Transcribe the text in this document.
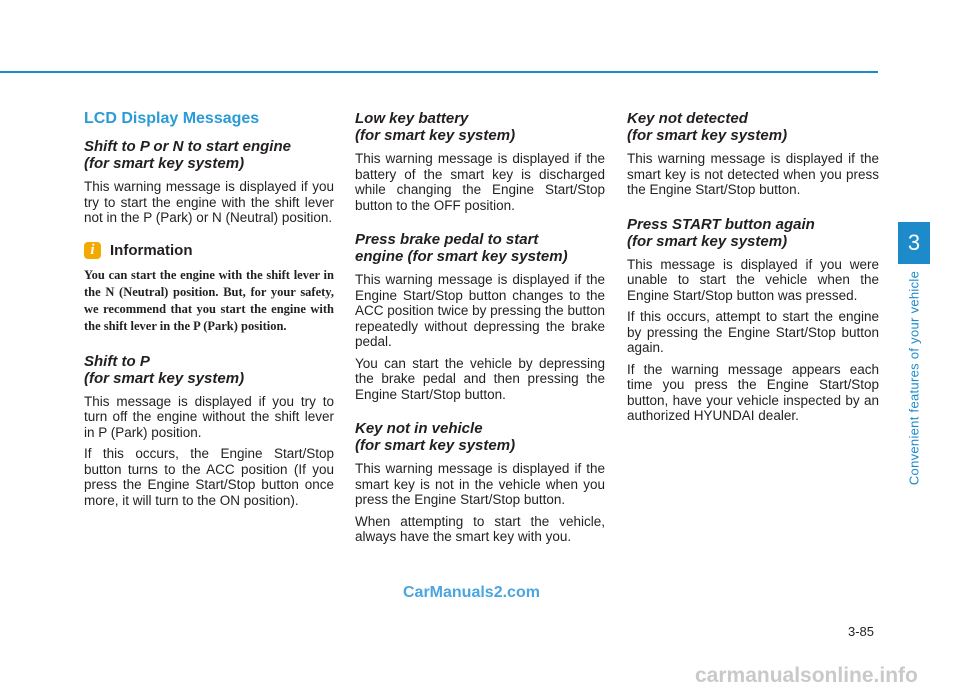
LCD Display Messages
Shift to P or N to start engine
(for smart key system)

This warning message is displayed if you try to start the engine with the shift lever not in the P (Park) or N (Neutral) position.

i	Information

You can start the engine with the shift lever in the N (Neutral) position. But, for your safety, we recommend that you start the engine with the shift lever in the P (Park) position.

Shift to P
(for smart key system)

This message is displayed if you try to turn off the engine without the shift lever in P (Park) position.

If this occurs, the Engine Start/Stop button turns to the ACC position (If you press the Engine Start/Stop button once more, it will turn to the ON position).

Low key battery
(for smart key system)

This warning message is displayed if the battery of the smart key is discharged while changing the Engine Start/Stop button to the OFF position.

Press brake pedal to start
engine (for smart key system)

This warning message is displayed if the Engine Start/Stop button changes to the ACC position twice by pressing the button repeatedly without depressing the brake pedal.

You can start the vehicle by depressing the brake pedal and then pressing the Engine Start/Stop button.

Key not in vehicle
(for smart key system)

This warning message is displayed if the smart key is not in the vehicle when you press the Engine Start/Stop button.

When attempting to start the vehicle, always have the smart key with you.

Key not detected
(for smart key system)

This warning message is displayed if the smart key is not detected when you press the Engine Start/Stop button.

Press START button again
(for smart key system)

This message is displayed if you were unable to start the vehicle when the Engine Start/Stop button was pressed.

If this occurs, attempt to start the engine by pressing the Engine Start/Stop button again.

If the warning message appears each time you press the Engine Start/Stop button, have your vehicle inspected by an authorized HYUNDAI dealer.

3
Convenient features of your vehicle
3-85
CarManuals2.com
carmanualsonline.info
